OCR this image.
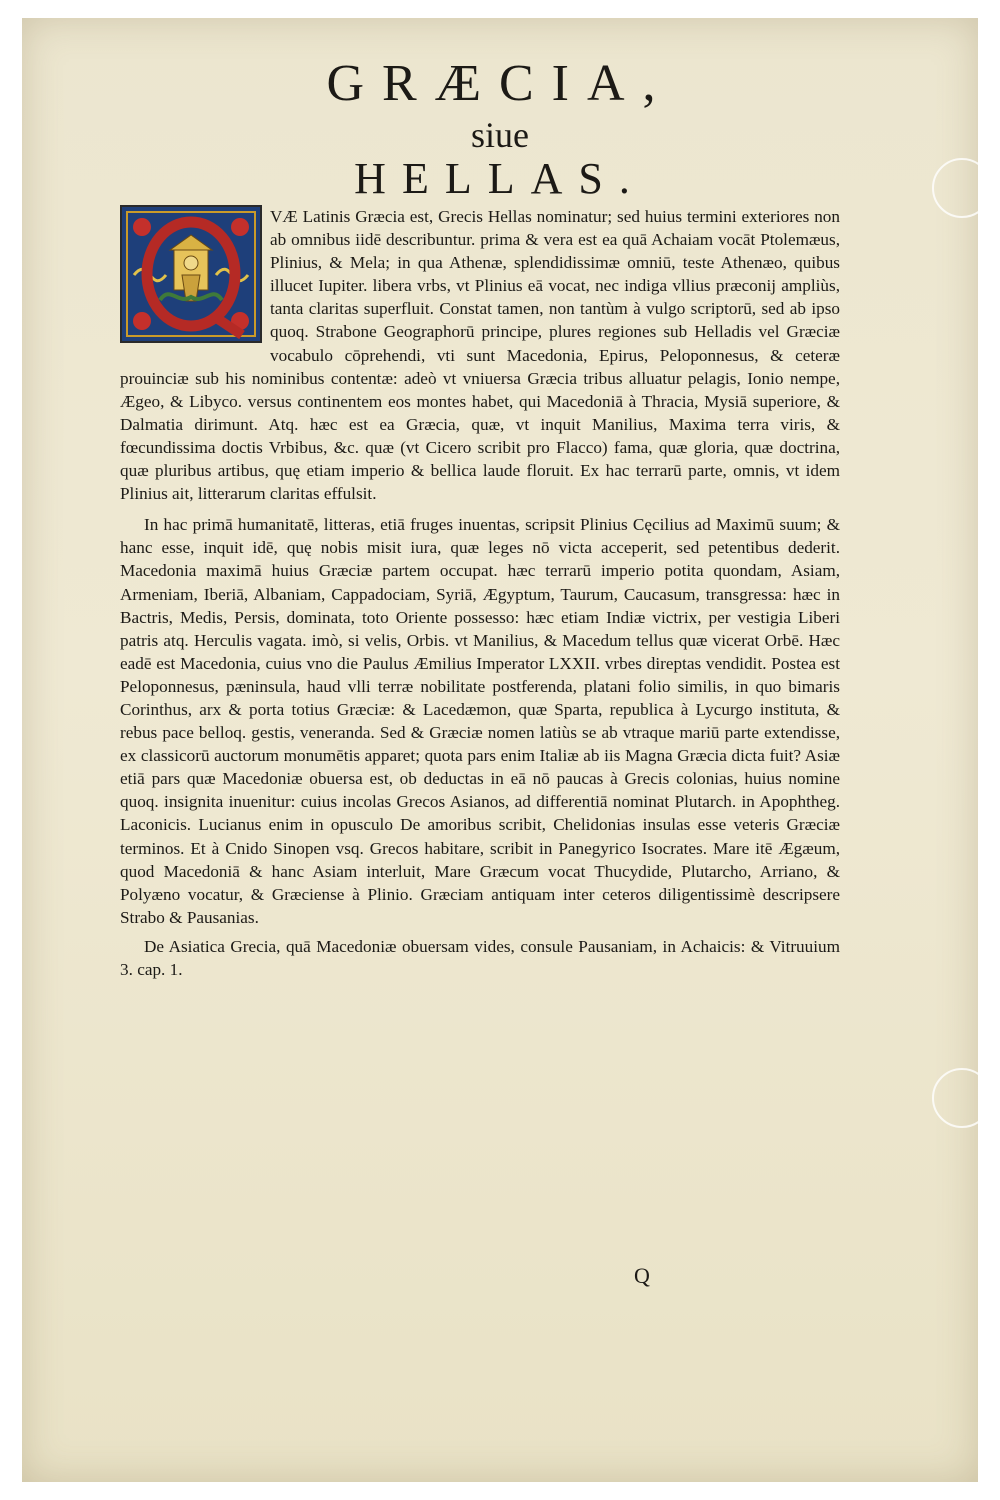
GRÆCIA,
siue
HELLAS.

VÆ Latinis Græcia est, Grecis Hellas nominatur; sed huius termini exteriores non ab omnibus iidē describuntur. prima & vera est ea quā Achaiam vocāt Ptolemæus, Plinius, & Mela; in qua Athenæ, splendidissimæ omniū, teste Athenæo, quibus illucet Iupiter. libera vrbs, vt Plinius eā vocat, nec indiga vllius præconij ampliùs, tanta claritas superfluit. Constat tamen, non tantùm à vulgo scriptorū, sed ab ipso quoq. Strabone Geographorū principe, plures regiones sub Helladis vel Græciæ vocabulo cōprehendi, vti sunt Macedonia, Epirus, Peloponnesus, & ceteræ prouinciæ sub his nominibus contentæ: adeò vt vniuersa Græcia tribus alluatur pelagis, Ionio nempe, Ægeo, & Libyco. versus continentem eos montes habet, qui Macedoniā à Thracia, Mysiā superiore, & Dalmatia dirimunt. Atq. hæc est ea Græcia, quæ, vt inquit Manilius, Maxima terra viris, & fœcundissima doctis Vrbibus, &c. quæ (vt Cicero scribit pro Flacco) fama, quæ gloria, quæ doctrina, quæ pluribus artibus, quę etiam imperio & bellica laude floruit. Ex hac terrarū parte, omnis, vt idem Plinius ait, litterarum claritas effulsit.

In hac primā humanitatē, litteras, etiā fruges inuentas, scripsit Plinius Cęcilius ad Maximū suum; & hanc esse, inquit idē, quę nobis misit iura, quæ leges nō victa acceperit, sed petentibus dederit. Macedonia maximā huius Græciæ partem occupat. hæc terrarū imperio potita quondam, Asiam, Armeniam, Iberiā, Albaniam, Cappadociam, Syriā, Ægyptum, Taurum, Caucasum, transgressa: hæc in Bactris, Medis, Persis, dominata, toto Oriente possesso: hæc etiam Indiæ victrix, per vestigia Liberi patris atq. Herculis vagata. imò, si velis, Orbis. vt Manilius, & Macedum tellus quæ vicerat Orbē. Hæc eadē est Macedonia, cuius vno die Paulus Æmilius Imperator LXXII. vrbes direptas vendidit. Postea est Peloponnesus, pæninsula, haud vlli terræ nobilitate postferenda, platani folio similis, in quo bimaris Corinthus, arx & porta totius Græciæ: & Lacedæmon, quæ Sparta, republica à Lycurgo instituta, & rebus pace belloq. gestis, veneranda. Sed & Græciæ nomen latiùs se ab vtraque mariū parte extendisse, ex classicorū auctorum monumētis apparet; quota pars enim Italiæ ab iis Magna Græcia dicta fuit? Asiæ etiā pars quæ Macedoniæ obuersa est, ob deductas in eā nō paucas à Grecis colonias, huius nomine quoq. insignita inuenitur: cuius incolas Grecos Asianos, ad differentiā nominat Plutarch. in Apophtheg. Laconicis. Lucianus enim in opusculo De amoribus scribit, Chelidonias insulas esse veteris Græciæ terminos. Et à Cnido Sinopen vsq. Grecos habitare, scribit in Panegyrico Isocrates. Mare itē Ægæum, quod Macedoniā & hanc Asiam interluit, Mare Græcum vocat Thucydide, Plutarcho, Arriano, & Polyæno vocatur, & Græciense à Plinio. Græciam antiquam inter ceteros diligentissimè descripsere Strabo & Pausanias.

De Asiatica Grecia, quā Macedoniæ obuersam vides, consule Pausaniam, in Achaicis: & Vitruuium 3. cap. 1.

Q
